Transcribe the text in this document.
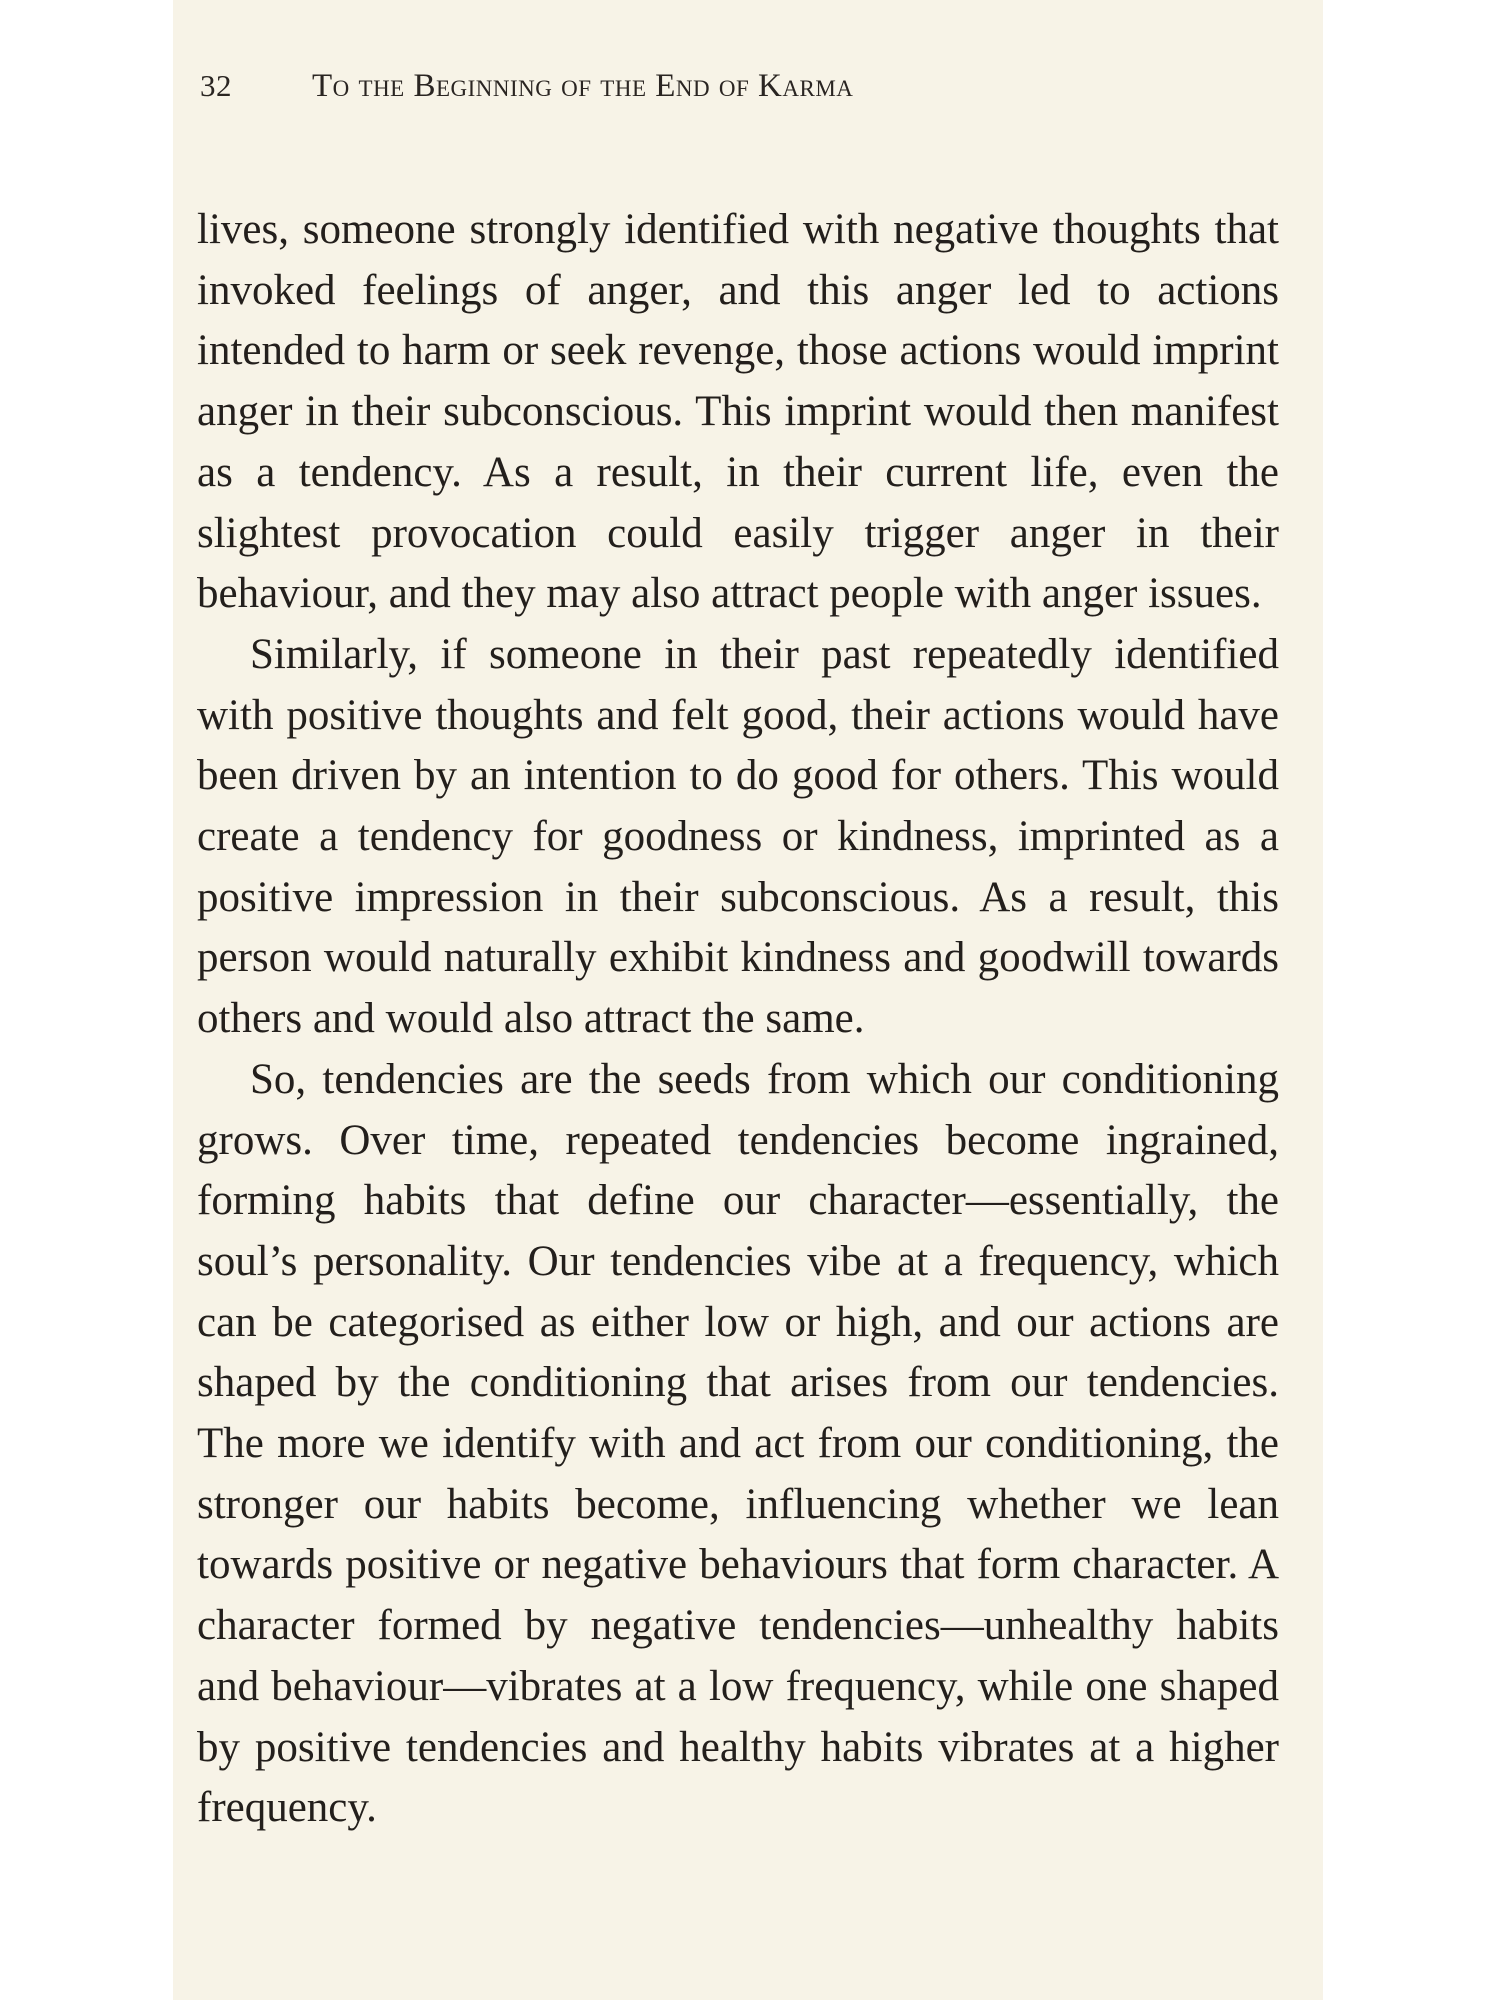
32 To the Beginning of the End of Karma

lives, someone strongly identified with negative thoughts that invoked feelings of anger, and this anger led to actions intended to harm or seek revenge, those actions would imprint anger in their subconscious. This imprint would then manifest as a tendency. As a result, in their current life, even the slightest provocation could easily trigger anger in their behaviour, and they may also attract people with anger issues.

Similarly, if someone in their past repeatedly identified with positive thoughts and felt good, their actions would have been driven by an intention to do good for others. This would create a tendency for goodness or kindness, imprinted as a positive impression in their subconscious. As a result, this person would naturally exhibit kindness and goodwill towards others and would also attract the same.

So, tendencies are the seeds from which our conditioning grows. Over time, repeated tendencies become ingrained, forming habits that define our character—essentially, the soul’s personality. Our tendencies vibe at a frequency, which can be categorised as either low or high, and our actions are shaped by the conditioning that arises from our tendencies. The more we identify with and act from our conditioning, the stronger our habits become, influencing whether we lean towards positive or negative behaviours that form character. A character formed by negative tendencies—unhealthy habits and behaviour—vibrates at a low frequency, while one shaped by positive tendencies and healthy habits vibrates at a higher frequency.
